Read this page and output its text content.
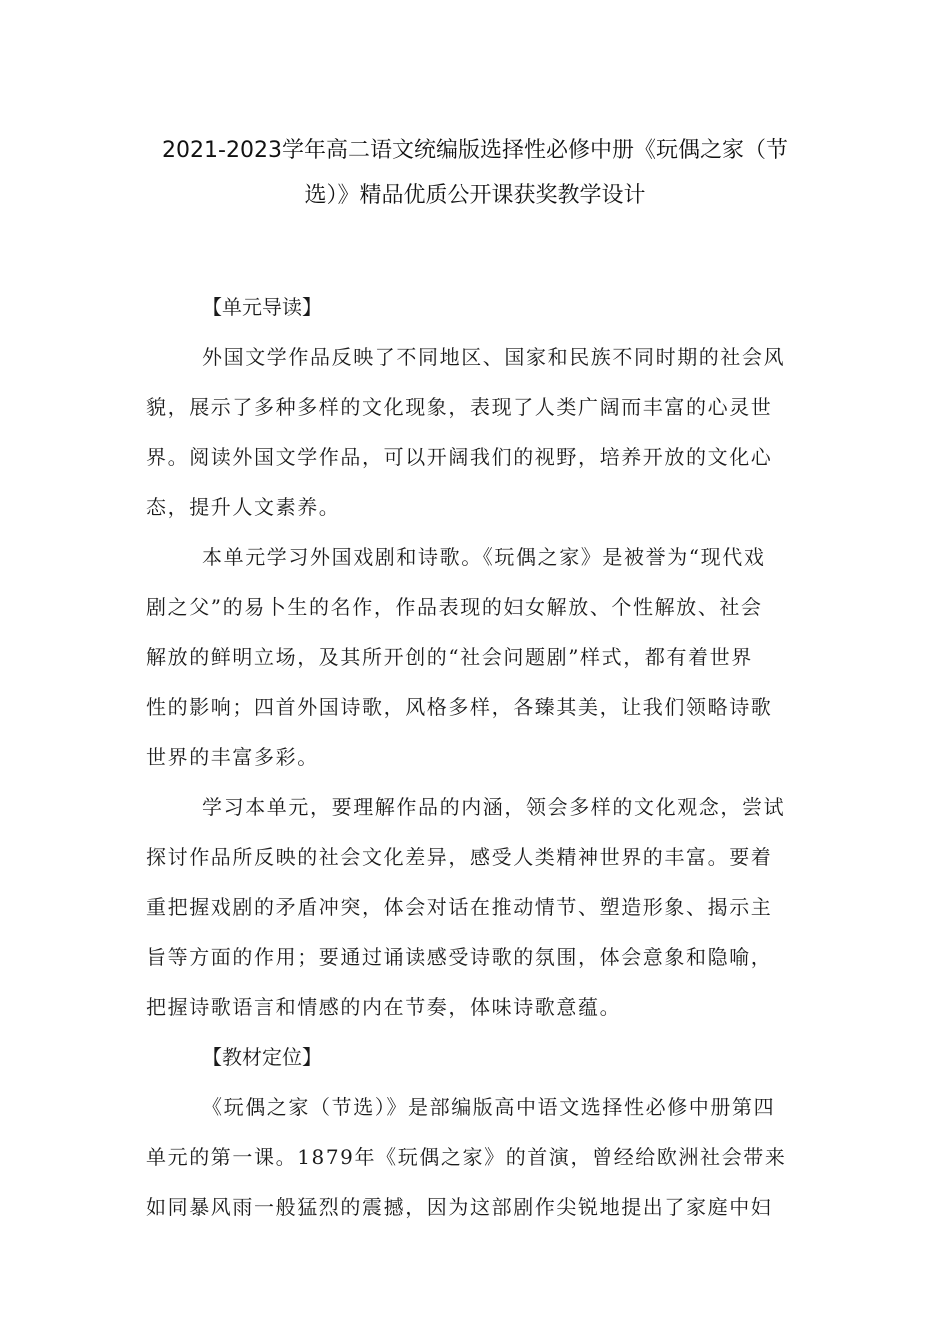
2021-2023学年高二语文统编版选择性必修中册《玩偶之家（节
选）》精品优质公开课获奖教学设计
【单元导读】

外国文学作品反映了不同地区、国家和民族不同时期的社会风
貌，展示了多种多样的文化现象，表现了人类广阔而丰富的心灵世
界。阅读外国文学作品，可以开阔我们的视野，培养开放的文化心
态，提升人文素养。

本单元学习外国戏剧和诗歌。《玩偶之家》是被誉为“现代戏
剧之父”的易卜生的名作，作品表现的妇女解放、个性解放、社会
解放的鲜明立场，及其所开创的“社会问题剧”样式，都有着世界
性的影响；四首外国诗歌，风格多样，各臻其美，让我们领略诗歌
世界的丰富多彩。

学习本单元，要理解作品的内涵，领会多样的文化观念，尝试
探讨作品所反映的社会文化差异，感受人类精神世界的丰富。要着
重把握戏剧的矛盾冲突，体会对话在推动情节、塑造形象、揭示主
旨等方面的作用；要通过诵读感受诗歌的氛围，体会意象和隐喻，
把握诗歌语言和情感的内在节奏，体味诗歌意蕴。

【教材定位】

《玩偶之家（节选）》是部编版高中语文选择性必修中册第四
单元的第一课。1879年《玩偶之家》的首演，曾经给欧洲社会带来
如同暴风雨一般猛烈的震撼，因为这部剧作尖锐地提出了家庭中妇
